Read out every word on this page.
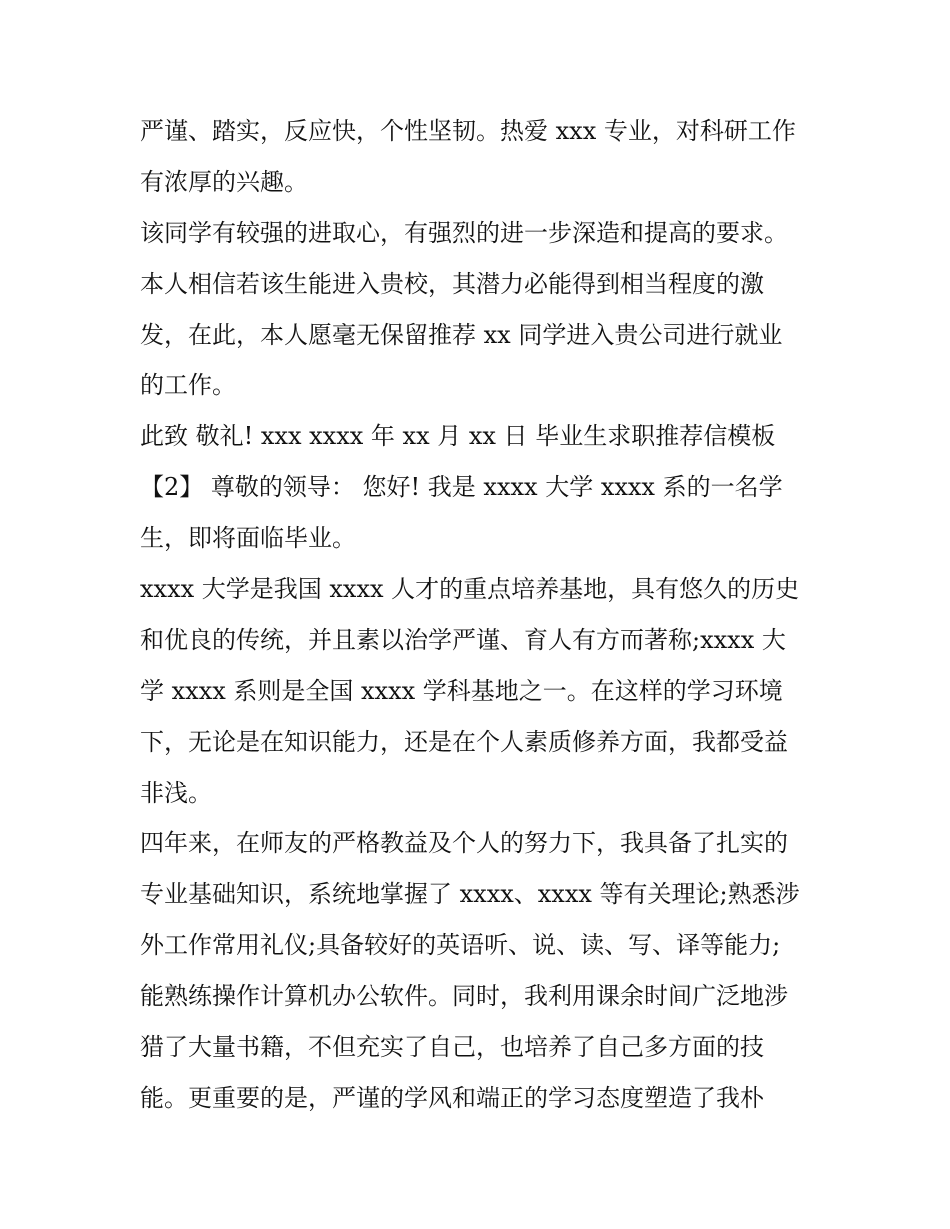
严谨、踏实，反应快，个性坚韧。热爱 xxx 专业，对科研工作
有浓厚的兴趣。
该同学有较强的进取心，有强烈的进一步深造和提高的要求。
本人相信若该生能进入贵校，其潜力必能得到相当程度的激
发，在此，本人愿毫无保留推荐 xx 同学进入贵公司进行就业
的工作。
此致 敬礼! xxx xxxx 年 xx 月 xx 日 毕业生求职推荐信模板
【2】 尊敬的领导： 您好! 我是 xxxx 大学 xxxx 系的一名学
生，即将面临毕业。
xxxx 大学是我国 xxxx 人才的重点培养基地，具有悠久的历史
和优良的传统，并且素以治学严谨、育人有方而著称;xxxx 大
学 xxxx 系则是全国 xxxx 学科基地之一。在这样的学习环境
下，无论是在知识能力，还是在个人素质修养方面，我都受益
非浅。
四年来，在师友的严格教益及个人的努力下，我具备了扎实的
专业基础知识，系统地掌握了 xxxx、xxxx 等有关理论;熟悉涉
外工作常用礼仪;具备较好的英语听、说、读、写、译等能力;
能熟练操作计算机办公软件。同时，我利用课余时间广泛地涉
猎了大量书籍，不但充实了自己，也培养了自己多方面的技
能。更重要的是，严谨的学风和端正的学习态度塑造了我朴
